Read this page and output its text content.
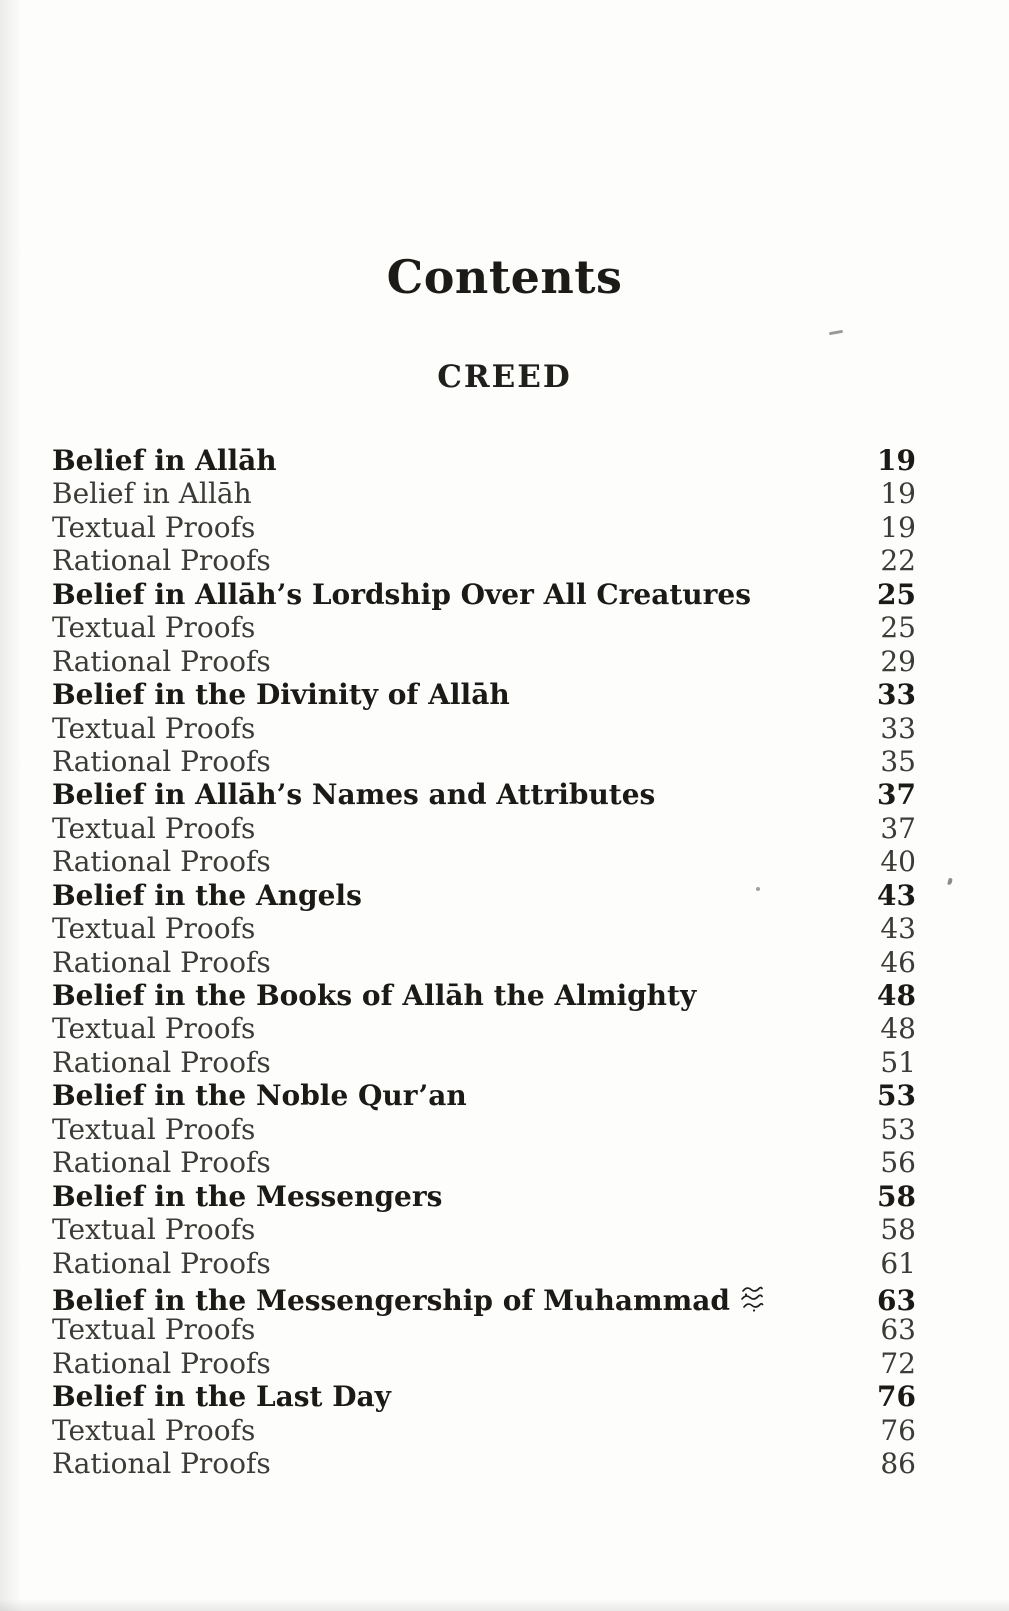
Contents
CREED
Belief in Allāh	19
Belief in Allāh	19
Textual Proofs	19
Rational Proofs	22
Belief in Allāh’s Lordship Over All Creatures	25
Textual Proofs	25
Rational Proofs	29
Belief in the Divinity of Allāh	33
Textual Proofs	33
Rational Proofs	35
Belief in Allāh’s Names and Attributes	37
Textual Proofs	37
Rational Proofs	40
Belief in the Angels	43
Textual Proofs	43
Rational Proofs	46
Belief in the Books of Allāh the Almighty	48
Textual Proofs	48
Rational Proofs	51
Belief in the Noble Qur’an	53
Textual Proofs	53
Rational Proofs	56
Belief in the Messengers	58
Textual Proofs	58
Rational Proofs	61
Belief in the Messengership of Muhammad	63
Textual Proofs	63
Rational Proofs	72
Belief in the Last Day	76
Textual Proofs	76
Rational Proofs	86
